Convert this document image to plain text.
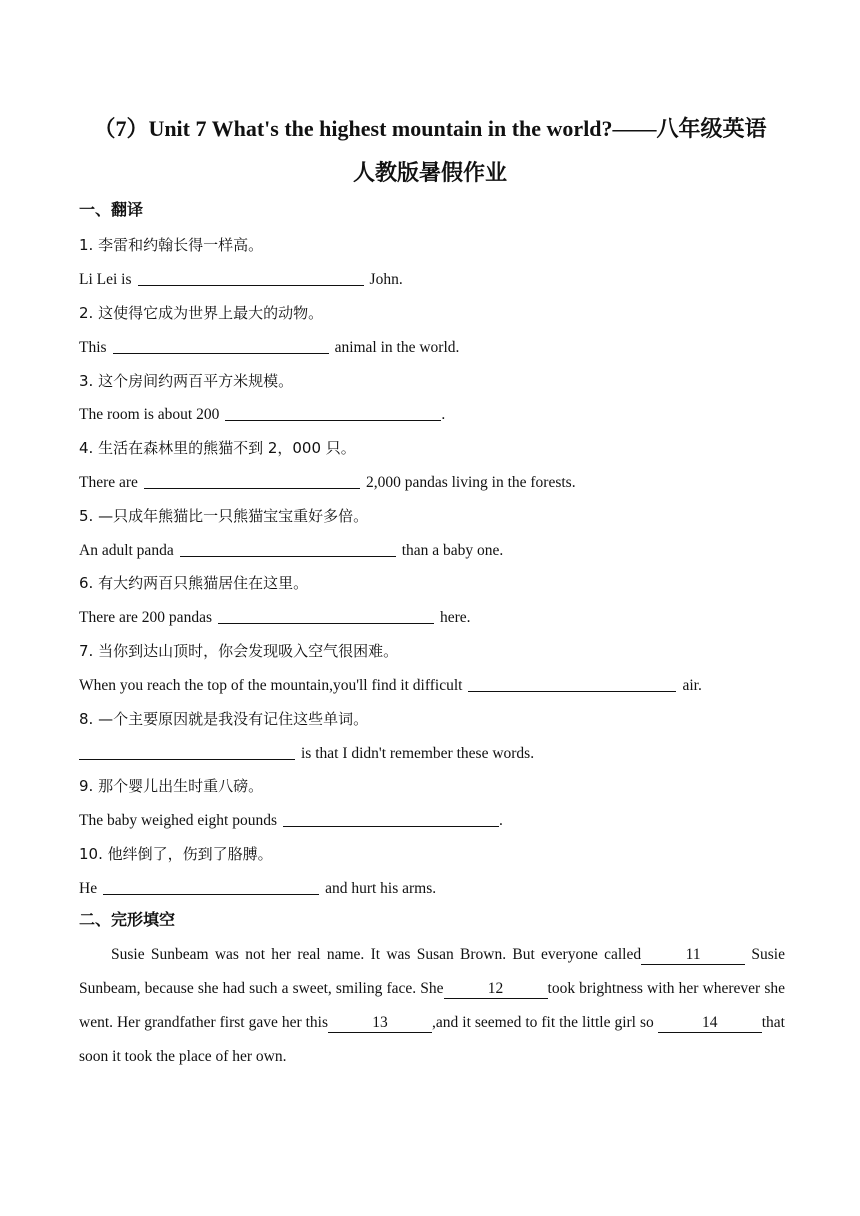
（7）Unit 7 What's the highest mountain in the world?——八年级英语
人教版暑假作业
一、翻译
1. 李雷和约翰长得一样高。
Li Lei is	John.
2. 这使得它成为世界上最大的动物。
This	animal in the world.
3. 这个房间约两百平方米规模。
The room is about 200	.
4. 生活在森林里的熊猫不到 2，000 只。
There are	2,000 pandas living in the forests.
5. —只成年熊猫比一只熊猫宝宝重好多倍。
An adult panda	than a baby one.
6. 有大约两百只熊猫居住在这里。
There are 200 pandas	here.
7. 当你到达山顶时，你会发现吸入空气很困难。
When you reach the top of the mountain,you'll find it difficult	air.
8. —个主要原因就是我没有记住这些单词。
is that I didn't remember these words.
9. 那个婴儿出生时重八磅。
The baby weighed eight pounds	.
10. 他绊倒了，伤到了胳膊。
He	and hurt his arms.
二、完形填空

Susie Sunbeam was not her real name. It was Susan Brown. But everyone called	11	Susie Sunbeam, because she had such a sweet, smiling face. She	12	took brightness with her wherever she went. Her grandfather first gave her this	13	,and it seemed to fit the little girl so	14	that soon it took the place of her own.
